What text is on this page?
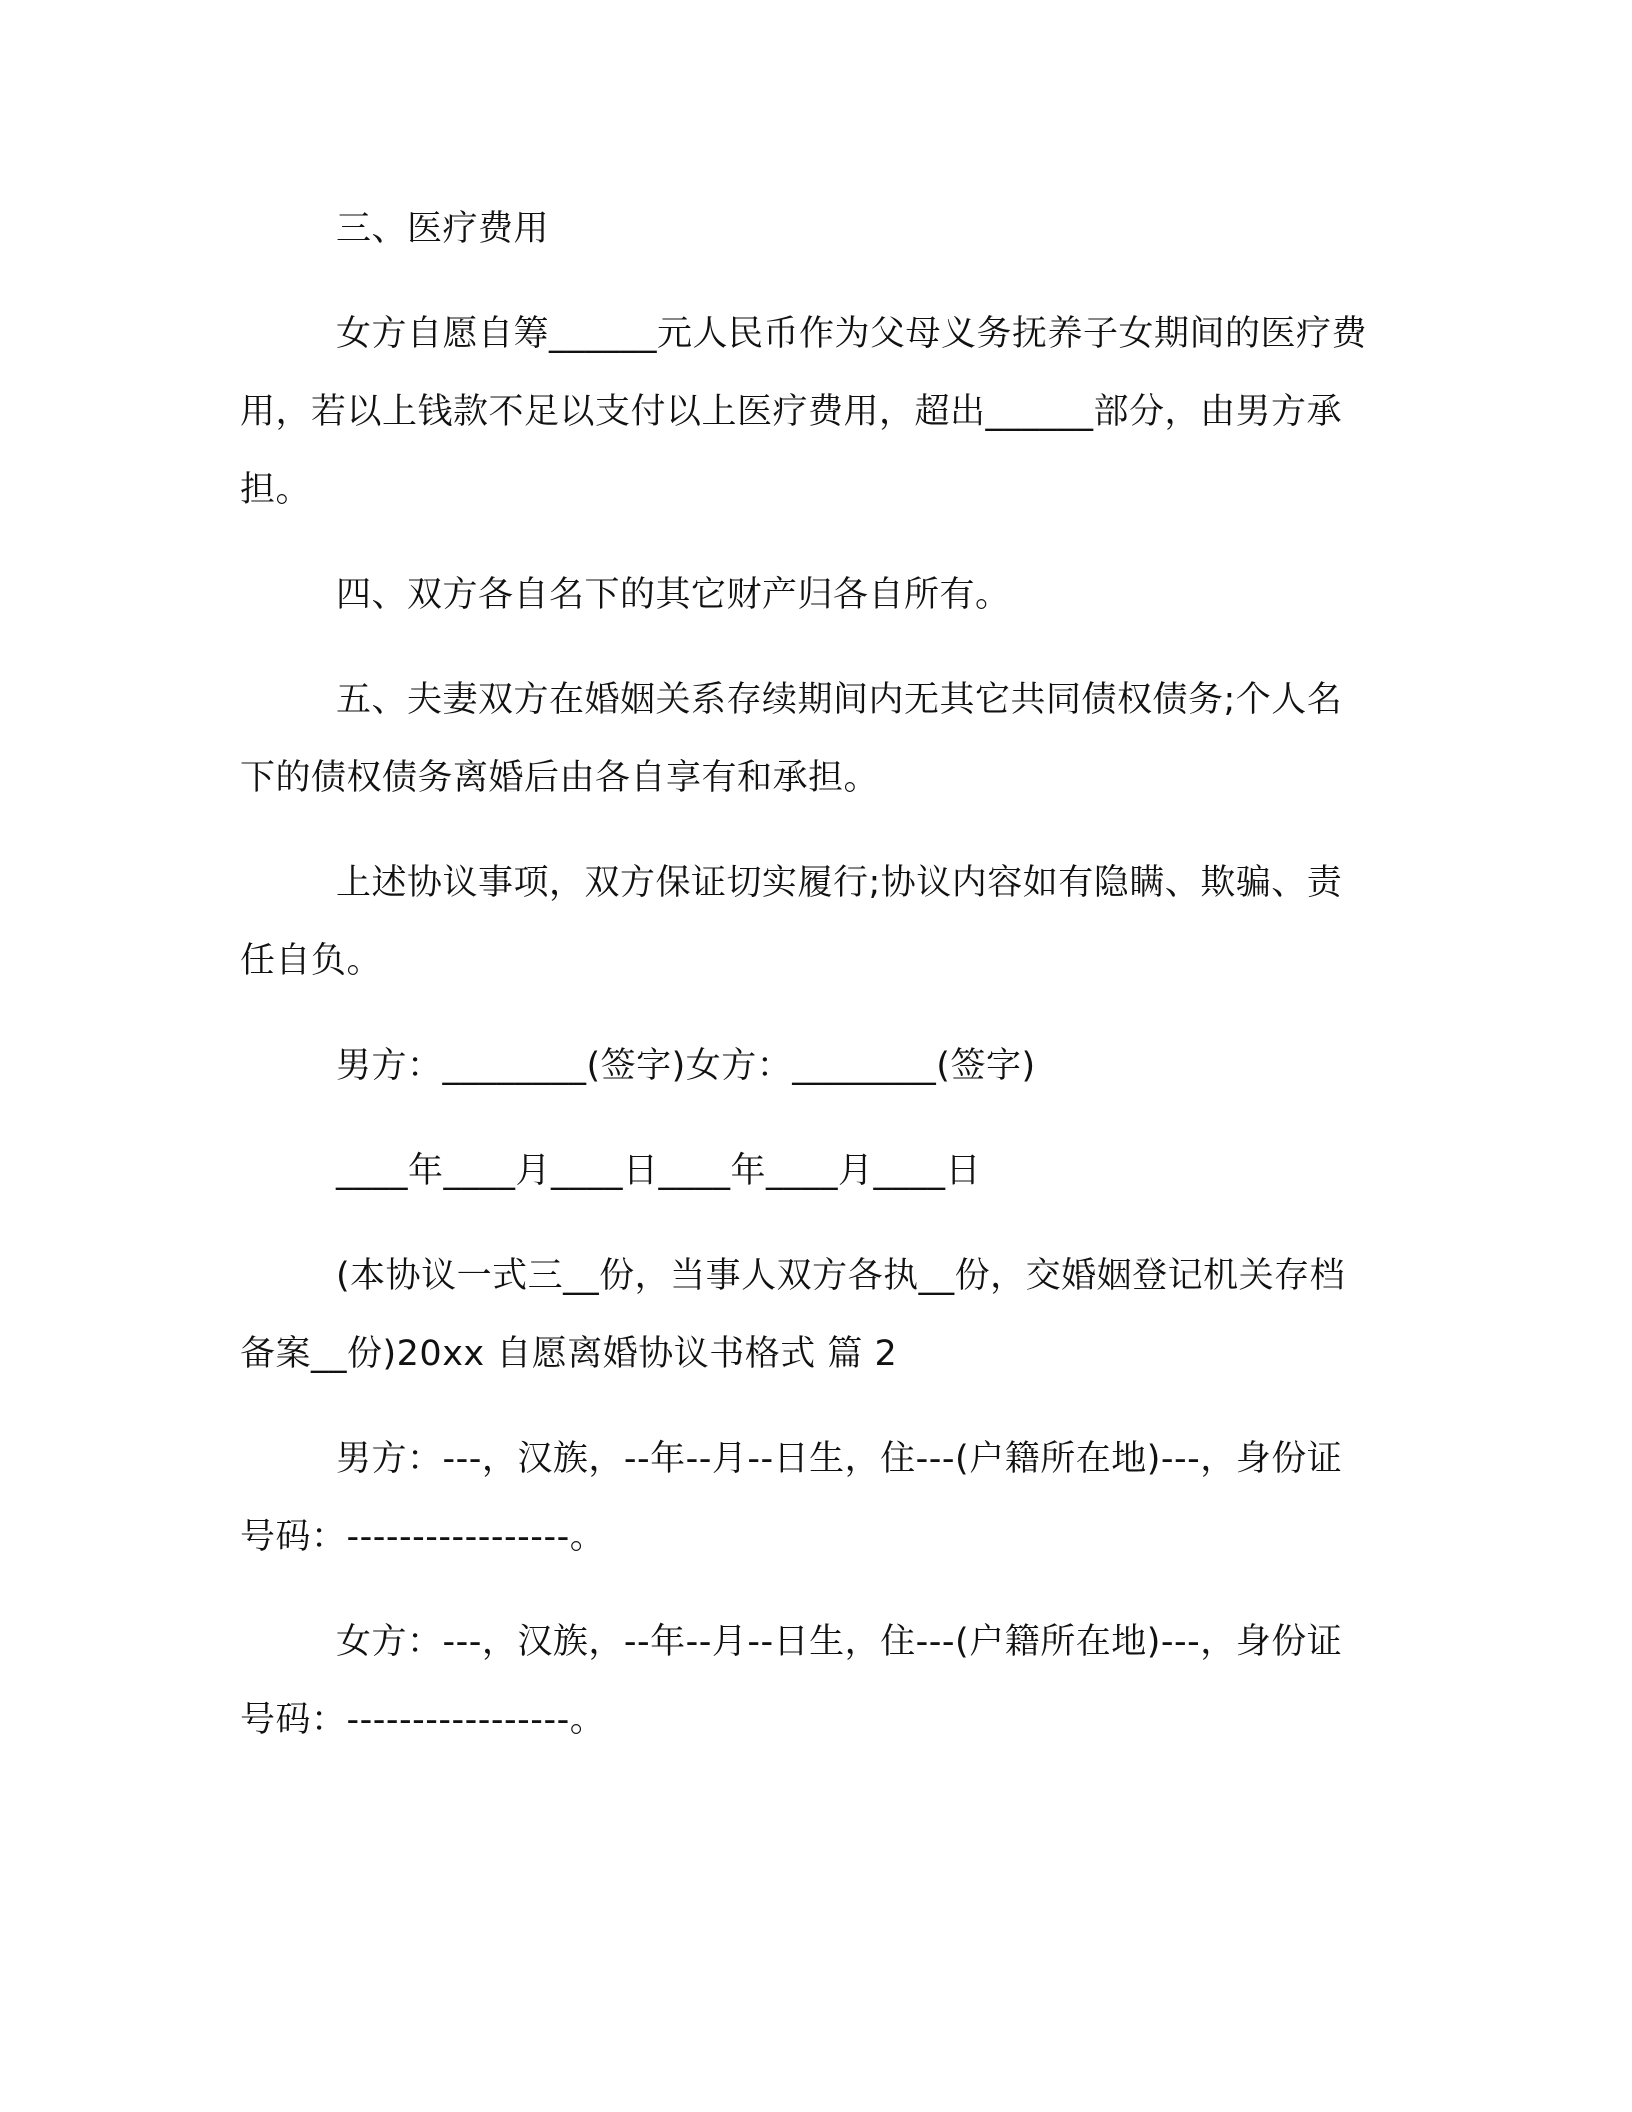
三、医疗费用

女方自愿自筹______元人民币作为父母义务抚养子女期间的医疗费用，若以上钱款不足以支付以上医疗费用，超出______部分，由男方承担。

四、双方各自名下的其它财产归各自所有。

五、夫妻双方在婚姻关系存续期间内无其它共同债权债务;个人名下的债权债务离婚后由各自享有和承担。

上述协议事项，双方保证切实履行;协议内容如有隐瞒、欺骗、责任自负。

男方：________(签字)女方：________(签字)

____年____月____日____年____月____日

(本协议一式三__份，当事人双方各执__份，交婚姻登记机关存档备案__份)20xx 自愿离婚协议书格式 篇 2

男方：---，汉族，--年--月--日生，住---(户籍所在地)---，身份证号码：-----------------。

女方：---，汉族，--年--月--日生，住---(户籍所在地)---，身份证号码：-----------------。
